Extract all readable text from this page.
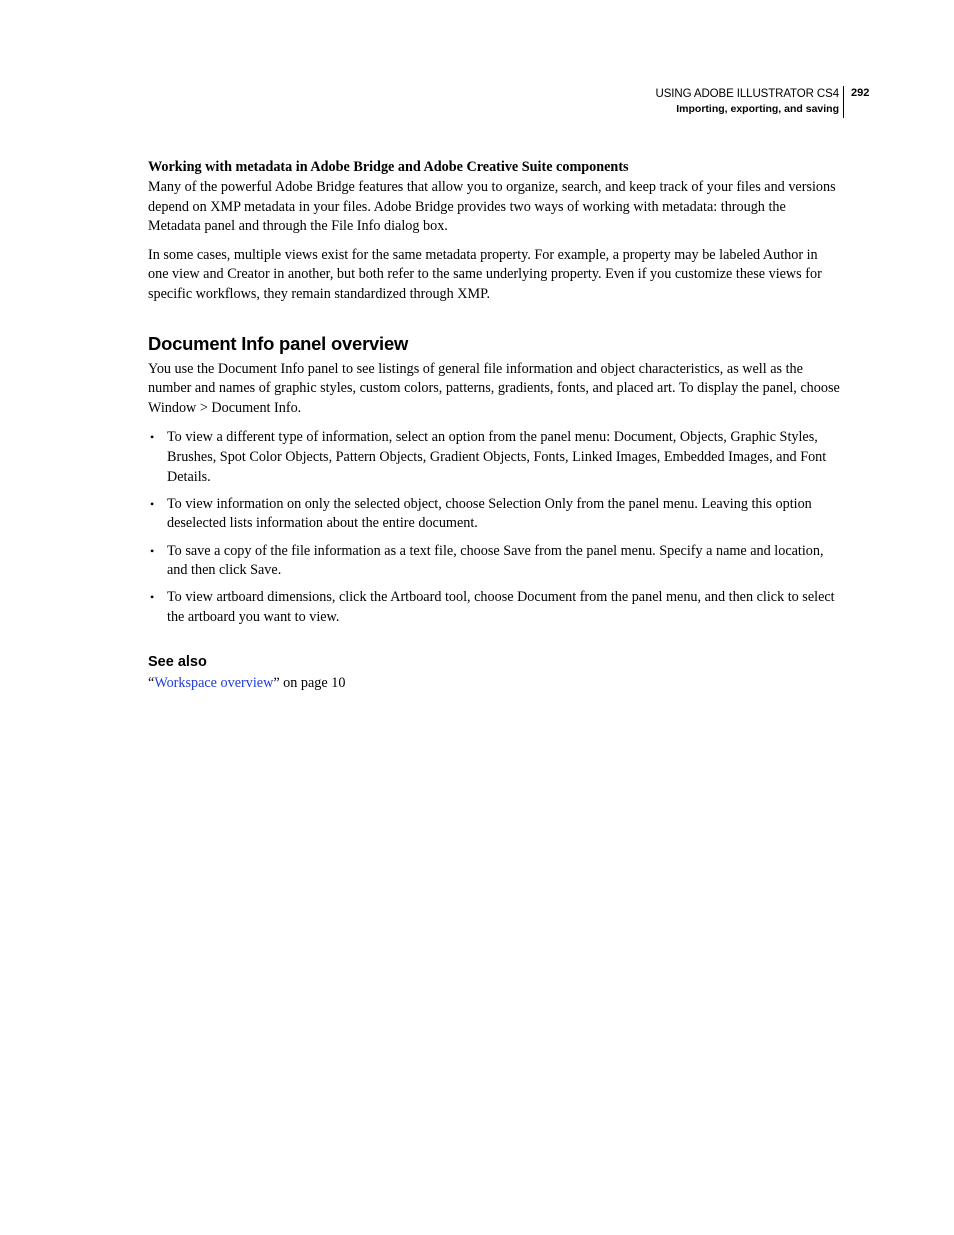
USING ADOBE ILLUSTRATOR CS4
Importing, exporting, and saving
292
Working with metadata in Adobe Bridge and Adobe Creative Suite components

Many of the powerful Adobe Bridge features that allow you to organize, search, and keep track of your files and versions depend on XMP metadata in your files. Adobe Bridge provides two ways of working with metadata: through the Metadata panel and through the File Info dialog box.

In some cases, multiple views exist for the same metadata property. For example, a property may be labeled Author in one view and Creator in another, but both refer to the same underlying property. Even if you customize these views for specific workflows, they remain standardized through XMP.

Document Info panel overview

You use the Document Info panel to see listings of general file information and object characteristics, as well as the number and names of graphic styles, custom colors, patterns, gradients, fonts, and placed art. To display the panel, choose Window > Document Info.

• To view a different type of information, select an option from the panel menu: Document, Objects, Graphic Styles, Brushes, Spot Color Objects, Pattern Objects, Gradient Objects, Fonts, Linked Images, Embedded Images, and Font Details.
• To view information on only the selected object, choose Selection Only from the panel menu. Leaving this option deselected lists information about the entire document.
• To save a copy of the file information as a text file, choose Save from the panel menu. Specify a name and location, and then click Save.
• To view artboard dimensions, click the Artboard tool, choose Document from the panel menu, and then click to select the artboard you want to view.
See also
“Workspace overview” on page 10
